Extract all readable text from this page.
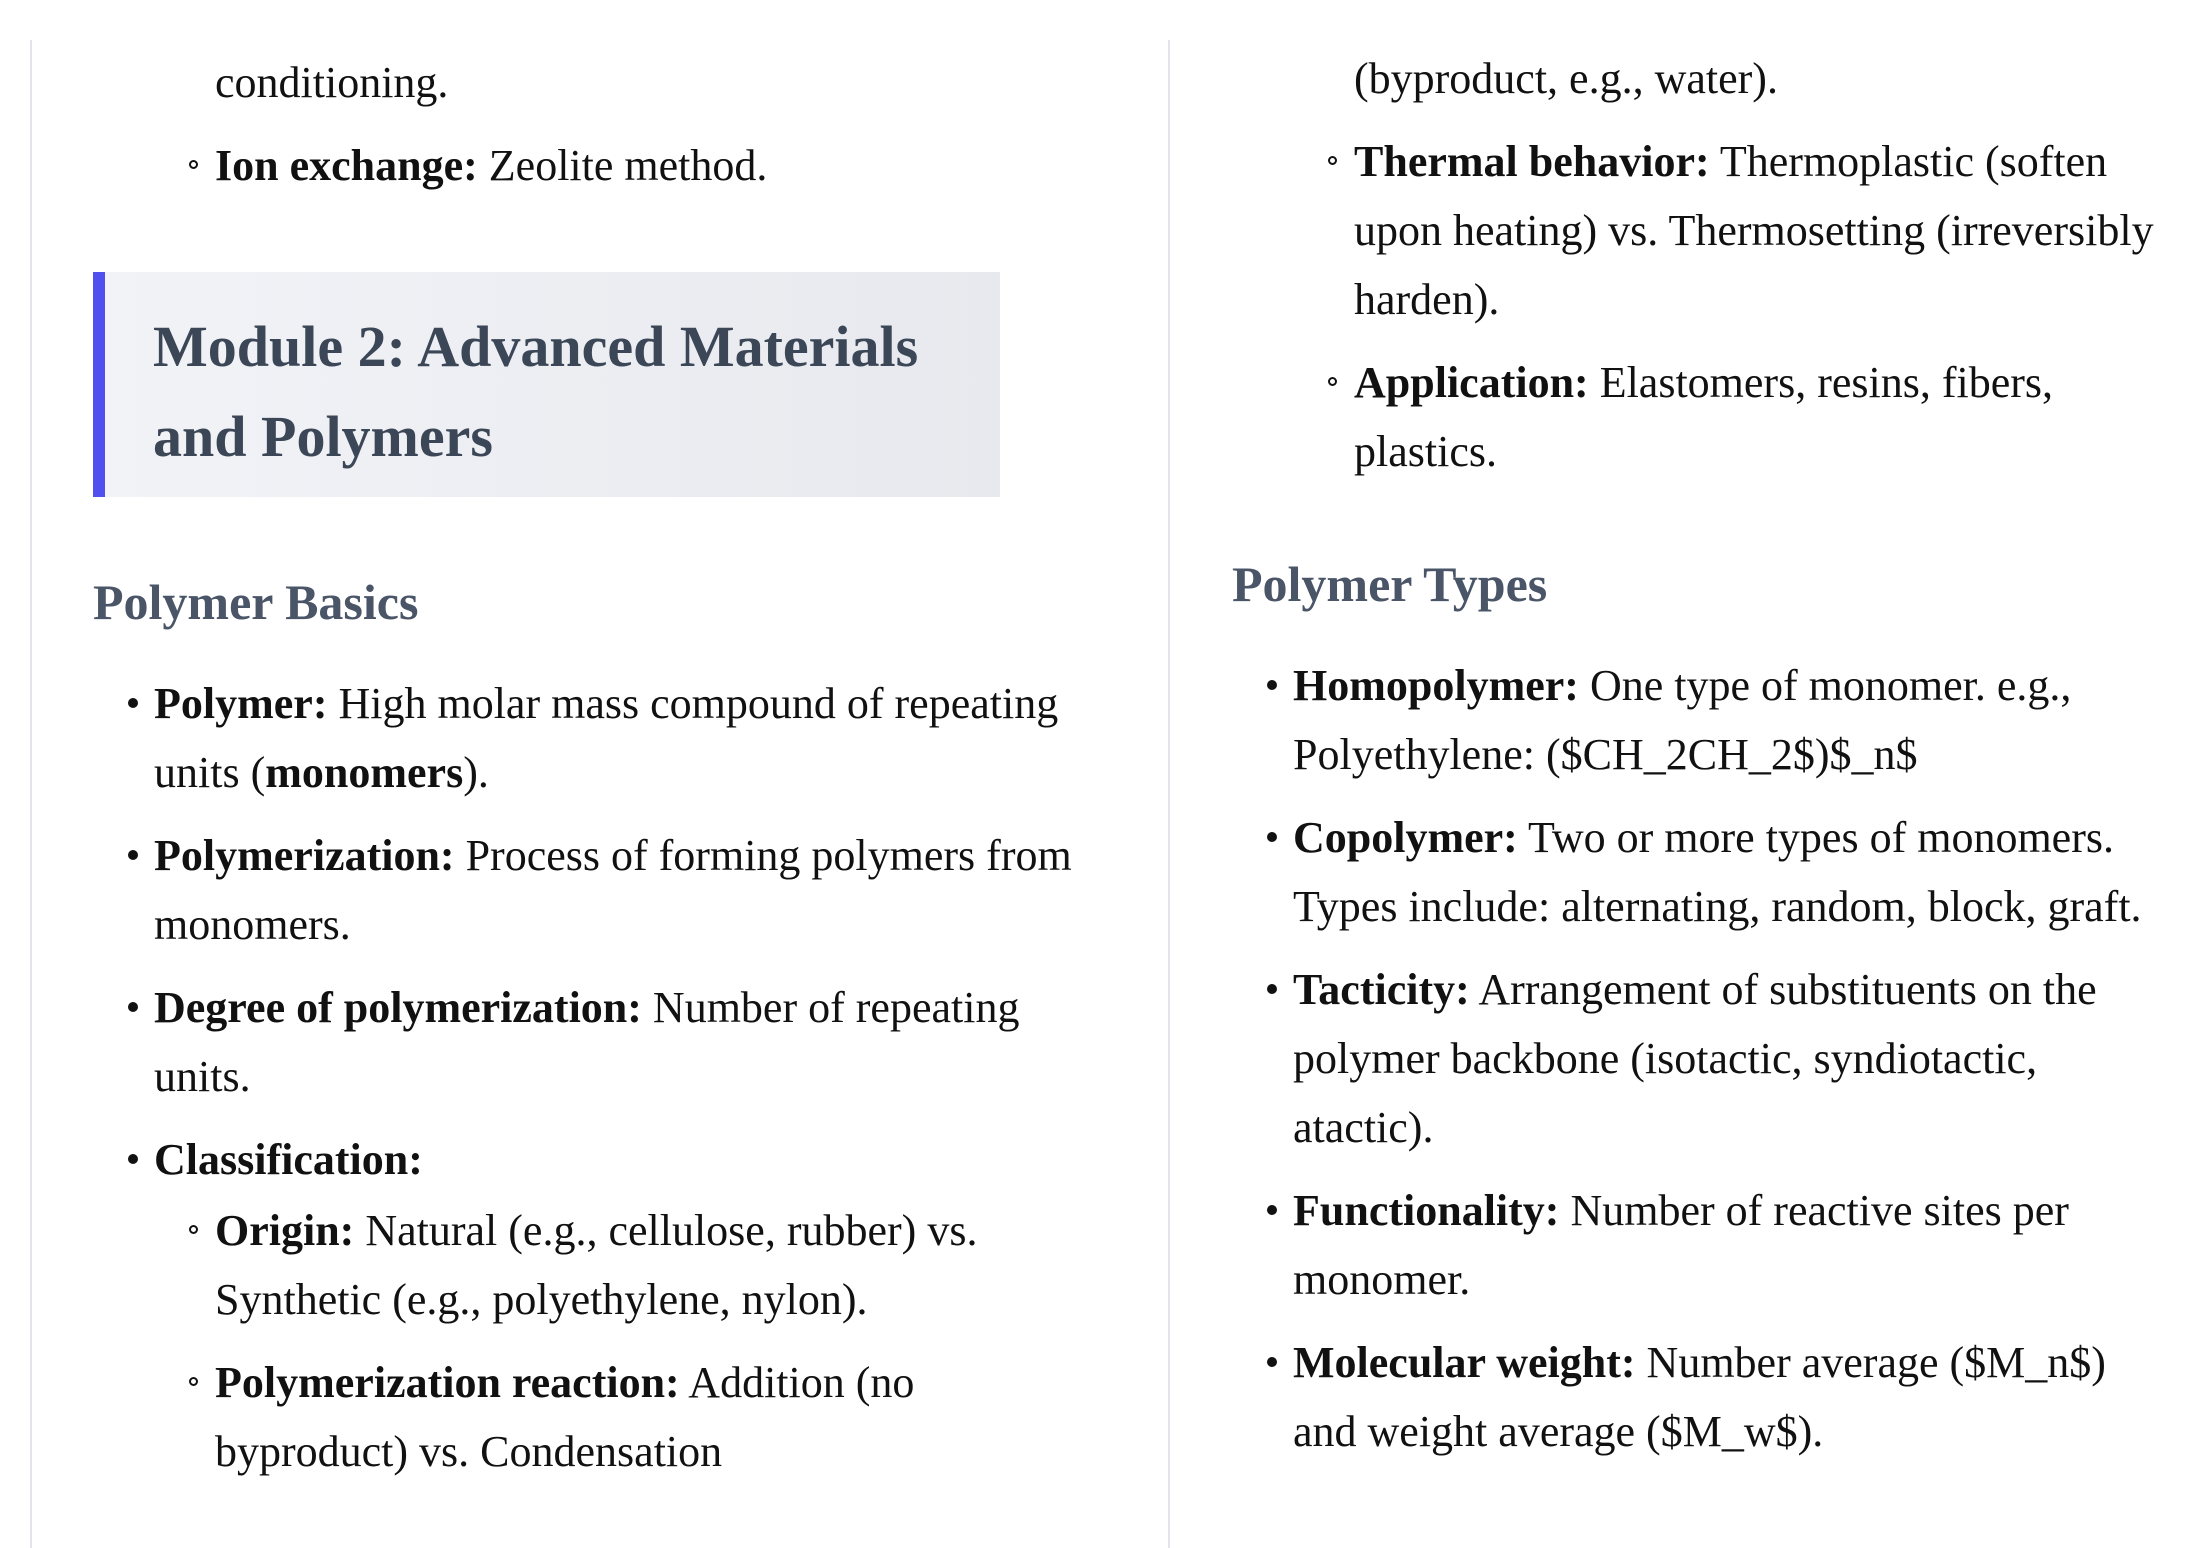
conditioning.
Ion exchange: Zeolite method.
Module 2: Advanced Materials and Polymers
Polymer Basics
Polymer: High molar mass compound of repeating units (monomers).
Polymerization: Process of forming polymers from monomers.
Degree of polymerization: Number of repeating units.
Classification:
Origin: Natural (e.g., cellulose, rubber) vs. Synthetic (e.g., polyethylene, nylon).
Polymerization reaction: Addition (no byproduct) vs. Condensation
(byproduct, e.g., water).
Thermal behavior: Thermoplastic (soften upon heating) vs. Thermosetting (irreversibly harden).
Application: Elastomers, resins, fibers, plastics.
Polymer Types
Homopolymer: One type of monomer. e.g., Polyethylene: ($CH_2CH_2$)$_n$
Copolymer: Two or more types of monomers. Types include: alternating, random, block, graft.
Tacticity: Arrangement of substituents on the polymer backbone (isotactic, syndiotactic, atactic).
Functionality: Number of reactive sites per monomer.
Molecular weight: Number average ($M_n$) and weight average ($M_w$).
